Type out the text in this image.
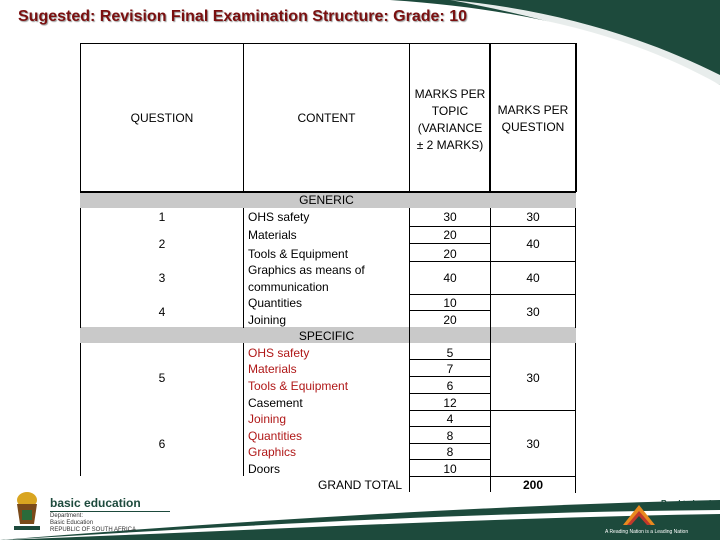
Sugested: Revision Final Examination Structure: Grade: 10
QUESTION	CONTENT
MARKS PER
TOPIC
(VARIANCE
± 2 MARKS)
MARKS PER
QUESTION
GENERIC
SPECIFIC
1
2
3
4
5
6
OHS safety
Materials
Tools & Equipment
Graphics as means of
communication
Quantities
Joining
OHS safety
Materials
Tools & Equipment
Casement
Joining
Quantities
Graphics
Doors
30
20
20
40
10
20
5
7
6
12
4
8
8
10
30
40
40
30
30
30
GRAND TOTAL	200
basic education
Department:
Basic Education
REPUBLIC OF SOUTH AFRICA
Read to Lead
A Reading Nation is a Leading Nation
